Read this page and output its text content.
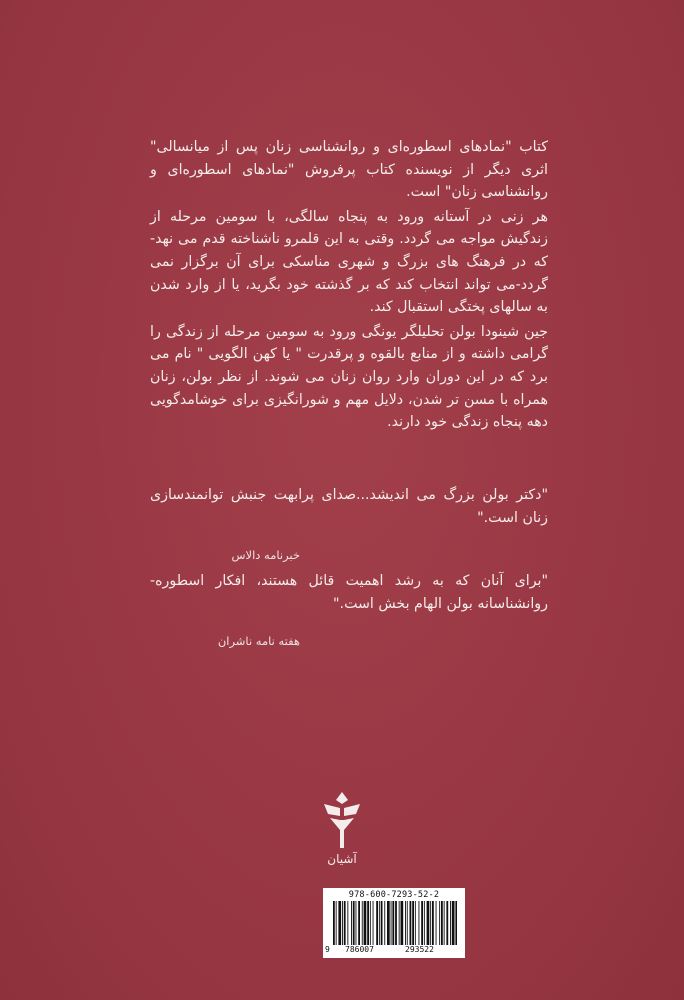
کتاب "نمادهای اسطوره‌ای و روانشناسی زنان پس از میانسالی" اثری دیگر از نویسنده کتاب پرفروش "نمادهای اسطوره‌ای و روانشناسی زنان" است.

هر زنی در آستانه ورود به پنجاه سالگی، با سومین مرحله از زندگیش مواجه می گردد. وقتی به این قلمرو ناشناخته قدم می نهد-که در فرهنگ های بزرگ و شهری مناسکی برای آن برگزار نمی گردد-می تواند انتخاب کند که بر گذشته خود بگرید، یا از وارد شدن به سالهای پختگی استقبال کند.

جین شینودا بولن تحلیلگر یونگی ورود به سومین مرحله از زندگی را گرامی داشته و از منابع بالقوه و پرقدرت " یا کهن الگویی " نام می برد که در این دوران وارد روان زنان می شوند. از نظر بولن، زنان همراه با مسن تر شدن، دلایل مهم و شورانگیزی برای خوشامدگویی دهه پنجاه زندگی خود دارند.

"دکتر بولن بزرگ می اندیشد...صدای پرابهت جنبش توانمندسازی زنان است."

خبرنامه دالاس

"برای آنان که به رشد اهمیت قائل هستند، افکار اسطوره-روانشناسانه بولن الهام بخش است."

هفته نامه ناشران
آشیان
978-600-7293-52-2
9 786007	293522
